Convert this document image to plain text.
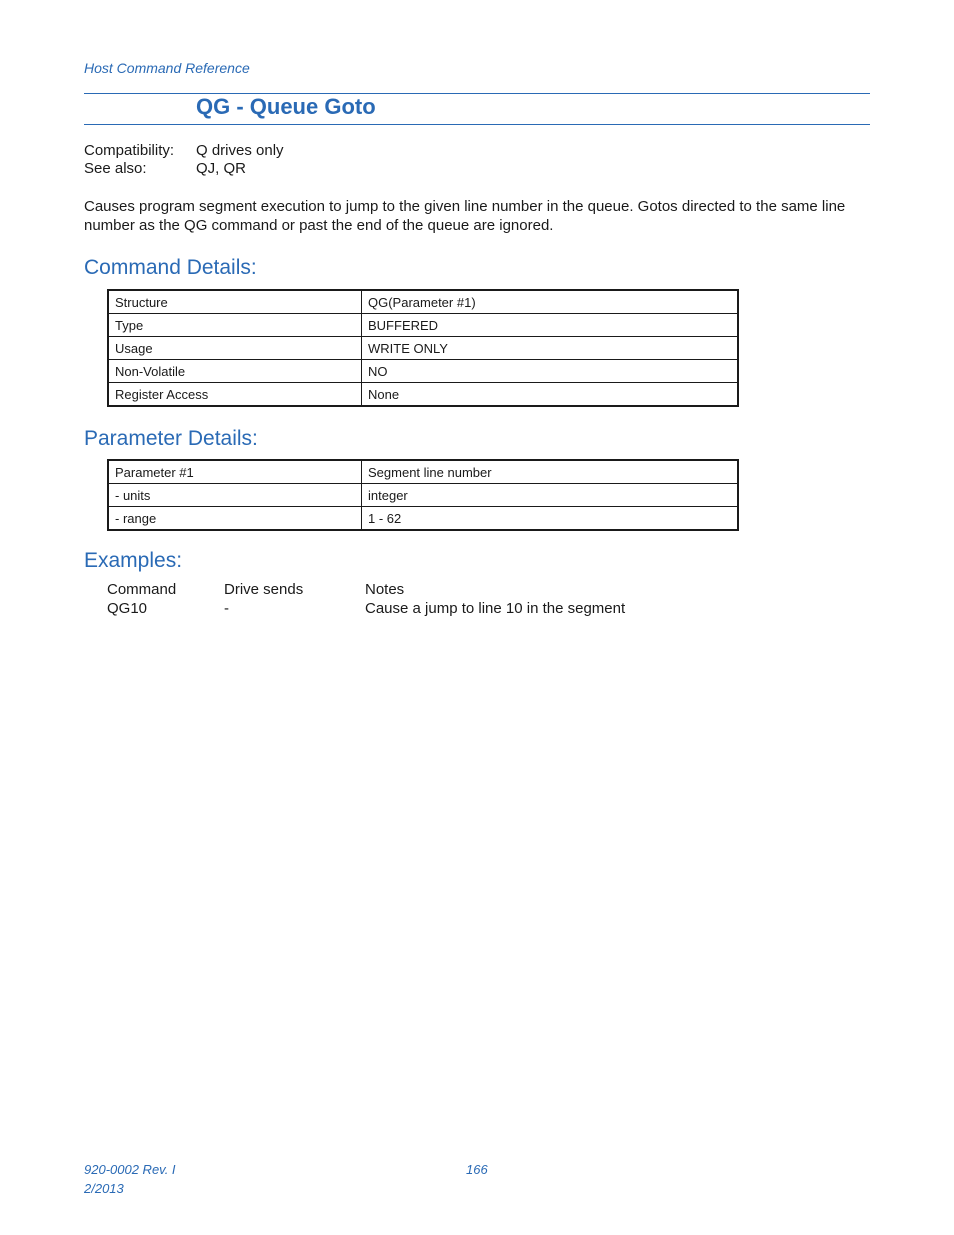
Host Command Reference
QG - Queue Goto
Compatibility:	Q drives only
See also:	QJ, QR
Causes program segment execution to jump to the given line number in the queue. Gotos directed to the same line number as the QG command or past the end of the queue are ignored.
Command Details:
Structure	QG(Parameter #1)
Type	BUFFERED
Usage	WRITE ONLY
Non-Volatile	NO
Register Access	None
Parameter Details:
Parameter #1	Segment line number
- units	integer
- range	1 - 62
Examples:
Command	Drive sends	Notes
QG10	-	Cause a jump to line 10 in the segment
920-0002 Rev. I
2/2013
166
